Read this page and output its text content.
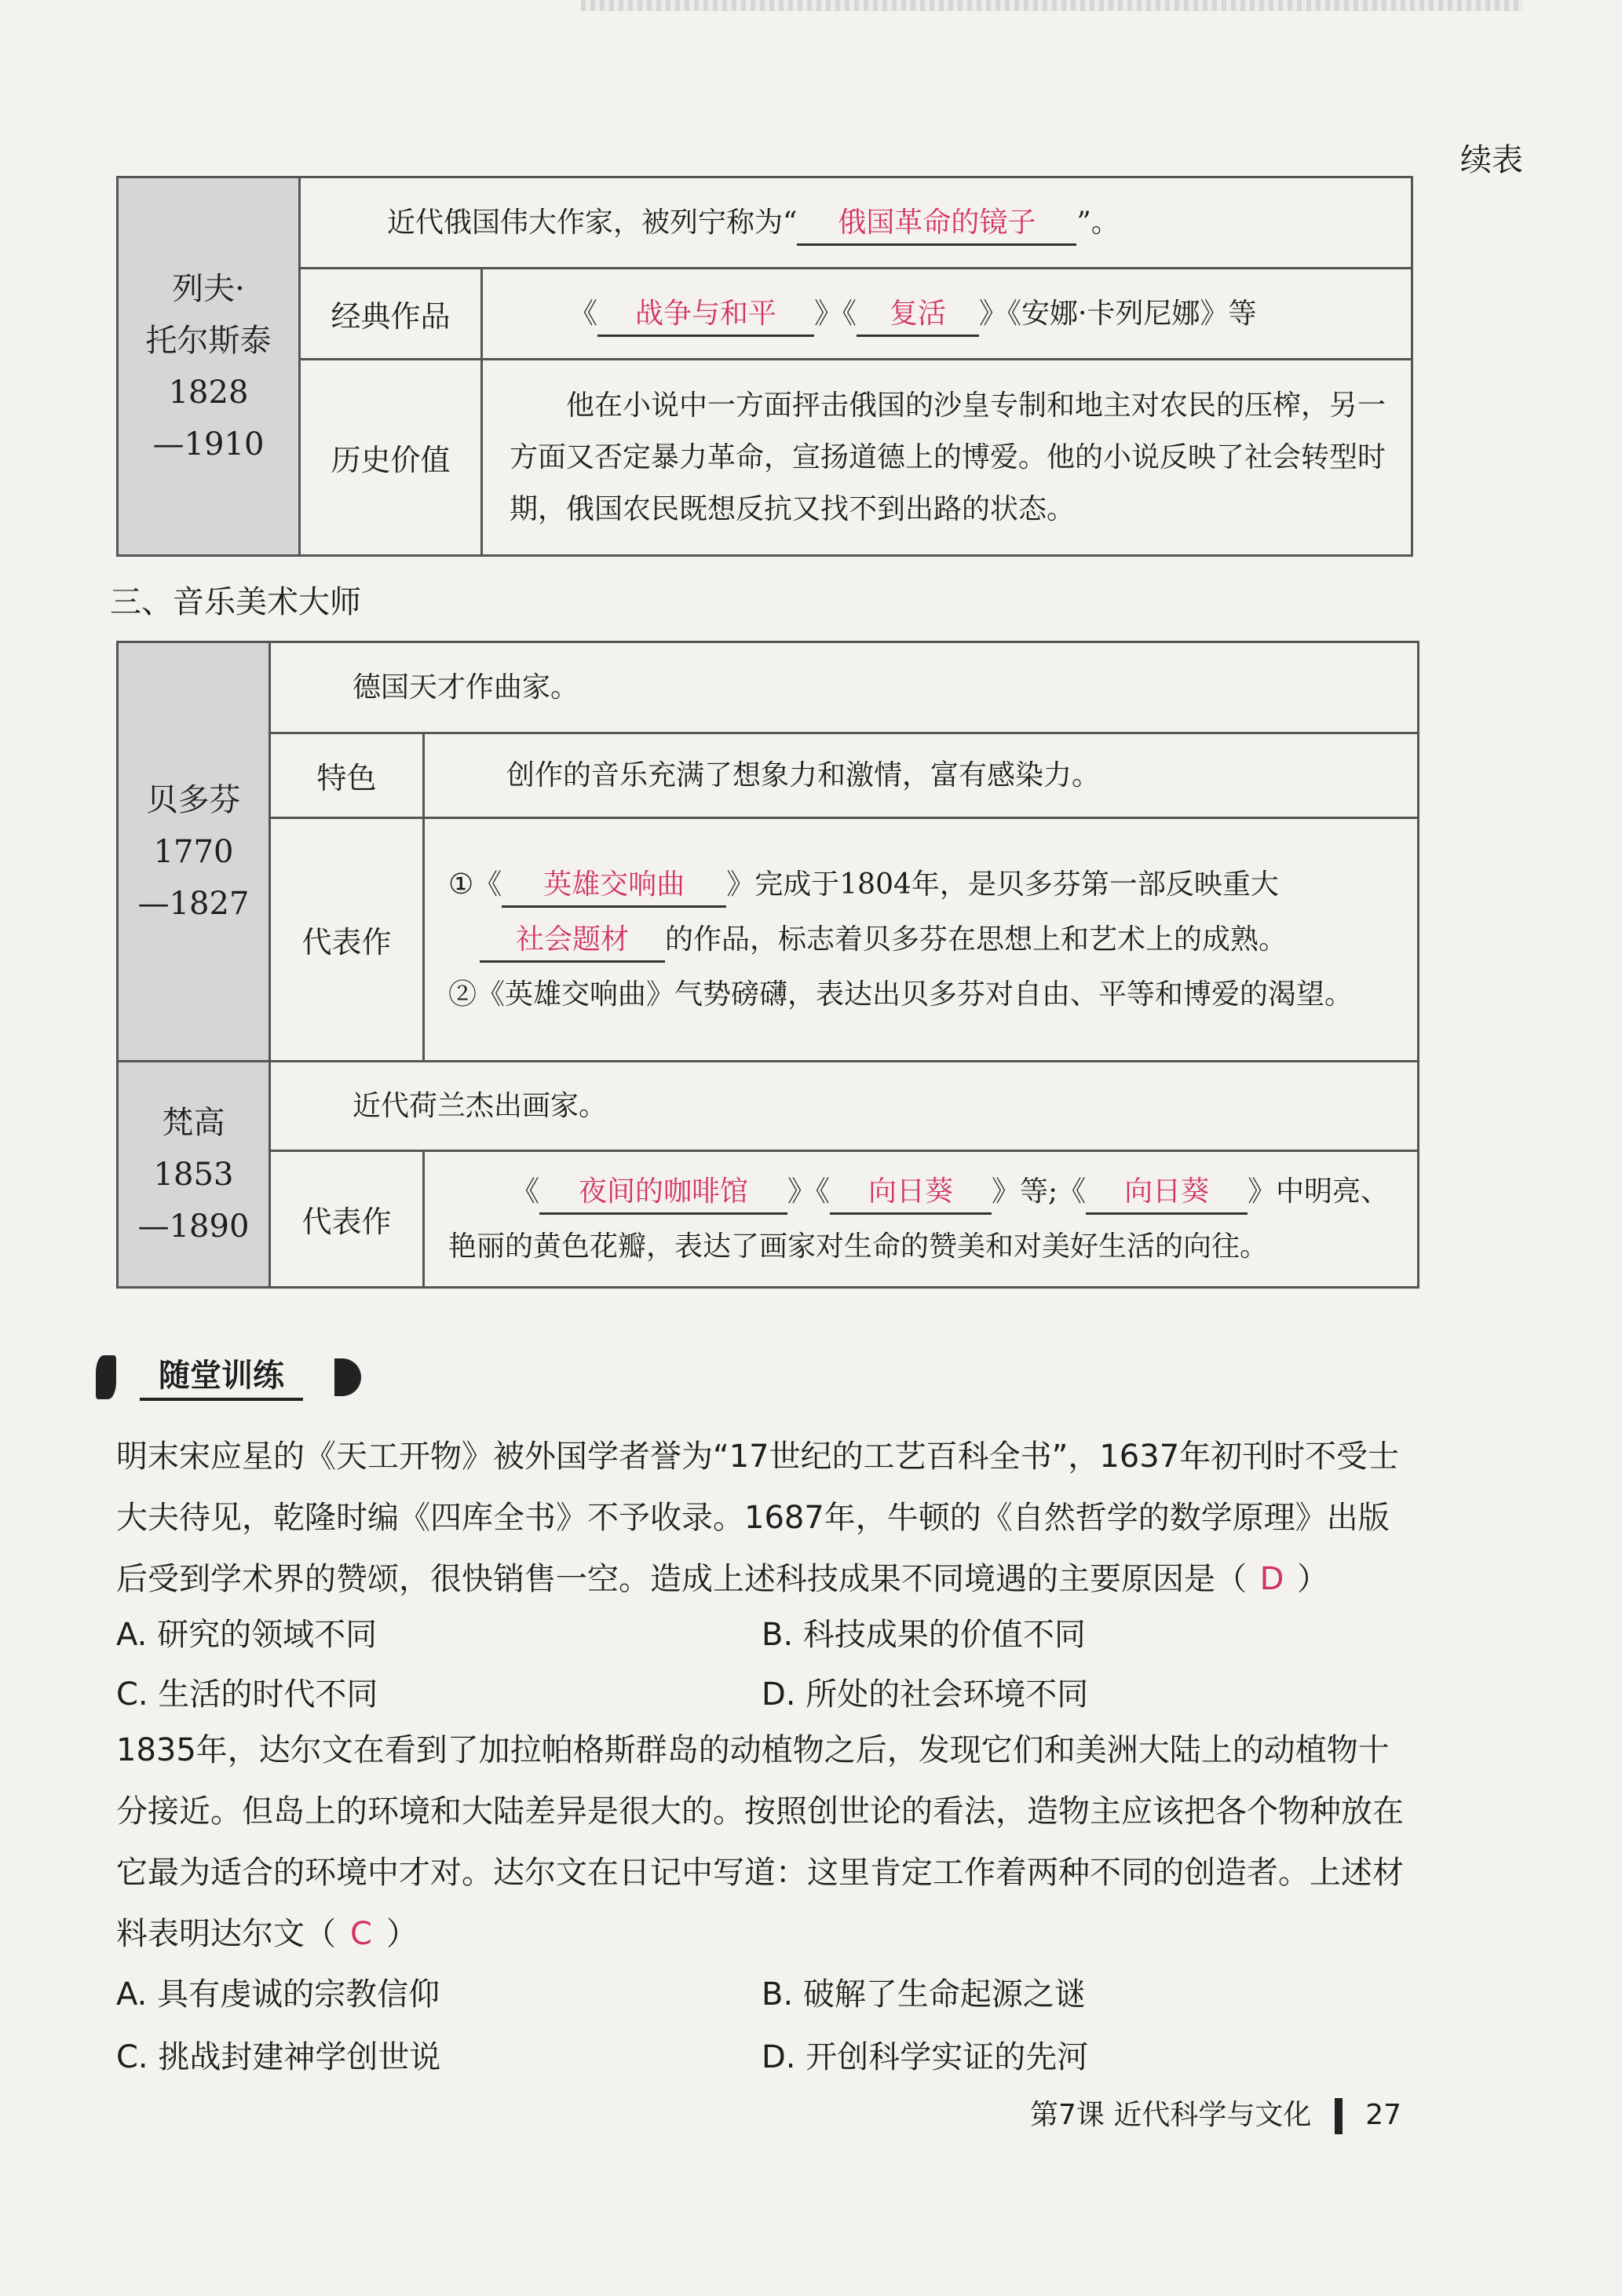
续表
列夫·
托尔斯泰
1828
—1910	近代俄国伟大作家，被列宁称为“ 俄国革命的镜子 ”。	
	经典作品	《 战争与和平 》《 复活 》《安娜·卡列尼娜》等
	历史价值	他在小说中一方面抨击俄国的沙皇专制和地主对农民的压榨，另一方面又否定暴力革命，宣扬道德上的博爱。他的小说反映了社会转型时期，俄国农民既想反抗又找不到出路的状态。
三、音乐美术大师
贝多芬
1770
—1827	德国天才作曲家。	
	特色	创作的音乐充满了想象力和激情，富有感染力。
	代表作	①《 英雄交响曲 》完成于1804年，是贝多芬第一部反映重大
社会题材 的作品，标志着贝多芬在思想上和艺术上的成熟。
②《英雄交响曲》气势磅礴，表达出贝多芬对自由、平等和博爱的渴望。

梵高
1853
—1890	近代荷兰杰出画家。	
	代表作	《 夜间的咖啡馆 》《 向日葵 》等;《 向日葵 》中明亮、艳丽的黄色花瓣，表达了画家对生命的赞美和对美好生活的向往。
随堂训练
明末宋应星的《天工开物》被外国学者誉为“17世纪的工艺百科全书”，1637年初刊时不受士大夫待见，乾隆时编《四库全书》不予收录。1687年，牛顿的《自然哲学的数学原理》出版后受到学术界的赞颂，很快销售一空。造成上述科技成果不同境遇的主要原因是（ D ）
A. 研究的领域不同	B. 科技成果的价值不同
C. 生活的时代不同	D. 所处的社会环境不同
1835年，达尔文在看到了加拉帕格斯群岛的动植物之后，发现它们和美洲大陆上的动植物十分接近。但岛上的环境和大陆差异是很大的。按照创世论的看法，造物主应该把各个物种放在它最为适合的环境中才对。达尔文在日记中写道：这里肯定工作着两种不同的创造者。上述材料表明达尔文（ C ）
A. 具有虔诚的宗教信仰	B. 破解了生命起源之谜
C. 挑战封建神学创世说	D. 开创科学实证的先河
第7课 近代科学与文化 27
